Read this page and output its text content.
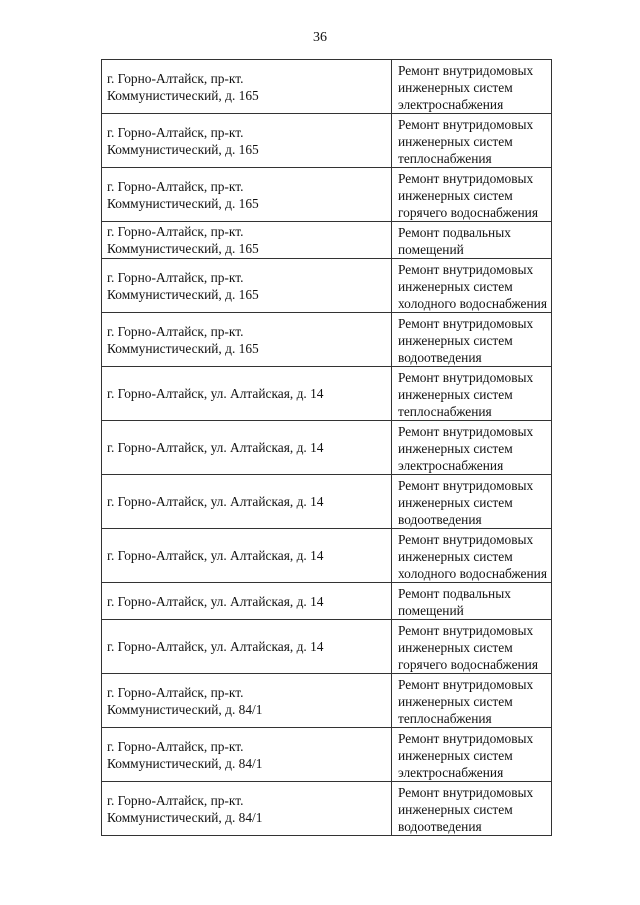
36
г. Горно-Алтайск, пр-кт.
Коммунистический, д. 165	Ремонт внутридомовых
инженерных систем
электроснабжения

г. Горно-Алтайск, пр-кт.
Коммунистический, д. 165	Ремонт внутридомовых
инженерных систем
теплоснабжения

г. Горно-Алтайск, пр-кт.
Коммунистический, д. 165	Ремонт внутридомовых
инженерных систем
горячего водоснабжения

г. Горно-Алтайск, пр-кт.
Коммунистический, д. 165	Ремонт подвальных
помещений

г. Горно-Алтайск, пр-кт.
Коммунистический, д. 165	Ремонт внутридомовых
инженерных систем
холодного водоснабжения

г. Горно-Алтайск, пр-кт.
Коммунистический, д. 165	Ремонт внутридомовых
инженерных систем
водоотведения

г. Горно-Алтайск, ул. Алтайская, д. 14	Ремонт внутридомовых
инженерных систем
теплоснабжения

г. Горно-Алтайск, ул. Алтайская, д. 14	Ремонт внутридомовых
инженерных систем
электроснабжения

г. Горно-Алтайск, ул. Алтайская, д. 14	Ремонт внутридомовых
инженерных систем
водоотведения

г. Горно-Алтайск, ул. Алтайская, д. 14	Ремонт внутридомовых
инженерных систем
холодного водоснабжения

г. Горно-Алтайск, ул. Алтайская, д. 14	Ремонт подвальных
помещений

г. Горно-Алтайск, ул. Алтайская, д. 14	Ремонт внутридомовых
инженерных систем
горячего водоснабжения

г. Горно-Алтайск, пр-кт.
Коммунистический, д. 84/1	Ремонт внутридомовых
инженерных систем
теплоснабжения

г. Горно-Алтайск, пр-кт.
Коммунистический, д. 84/1	Ремонт внутридомовых
инженерных систем
электроснабжения

г. Горно-Алтайск, пр-кт.
Коммунистический, д. 84/1	Ремонт внутридомовых
инженерных систем
водоотведения
